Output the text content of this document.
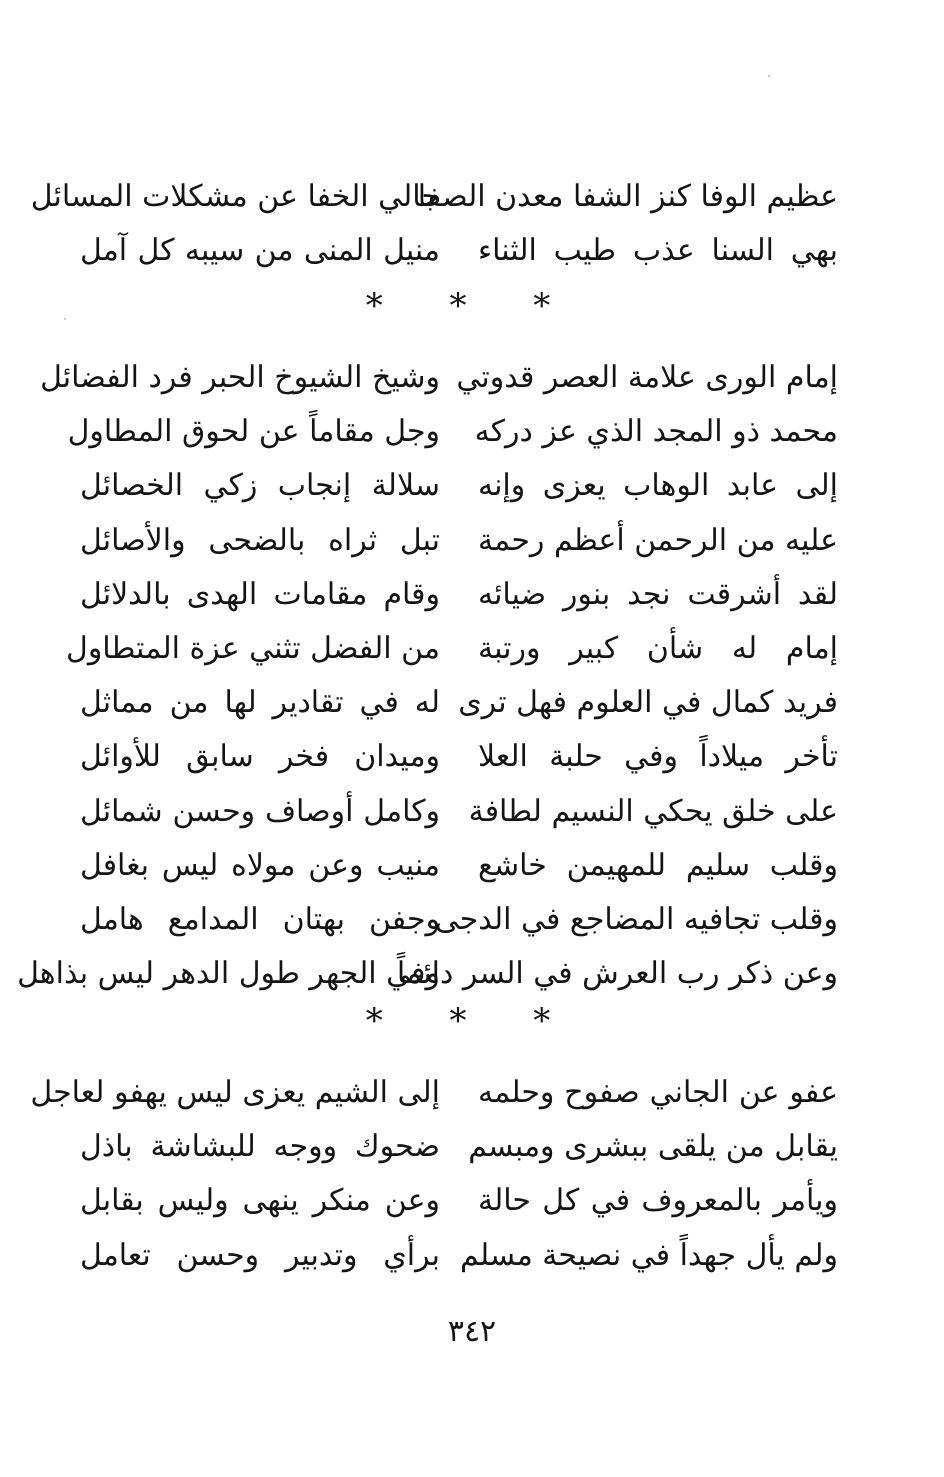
عظيم الوفا كنز الشفا معدن الصفا
جالي الخفا عن مشكلات المسائل
بهي السنا عذب طيب الثناء
منيل المنى من سيبه كل آمل
* * *
إمام الورى علامة العصر قدوتي
وشيخ الشيوخ الحبر فرد الفضائل
محمد ذو المجد الذي عز دركه
وجل مقاماً عن لحوق المطاول
إلى عابد الوهاب يعزى وإنه
سلالة إنجاب زكي الخصائل
عليه من الرحمن أعظم رحمة
تبل ثراه بالضحى والأصائل
لقد أشرقت نجد بنور ضيائه
وقام مقامات الهدى بالدلائل
إمام له شأن كبير ورتبة
من الفضل تثني عزة المتطاول
فريد كمال في العلوم فهل ترى
له في تقادير لها من مماثل
تأخر ميلاداً وفي حلبة العلا
وميدان فخر سابق للأوائل
على خلق يحكي النسيم لطافة
وكامل أوصاف وحسن شمائل
وقلب سليم للمهيمن خاشع
منيب وعن مولاه ليس بغافل
وقلب تجافيه المضاجع في الدجى
وجفن بهتان المدامع هامل
وعن ذكر رب العرش في السر دائماً
وفي الجهر طول الدهر ليس بذاهل
* * *
عفو عن الجاني صفوح وحلمه
إلى الشيم يعزى ليس يهفو لعاجل
يقابل من يلقى ببشرى ومبسم
ضحوك ووجه للبشاشة باذل
ويأمر بالمعروف في كل حالة
وعن منكر ينهى وليس بقابل
ولم يأل جهداً في نصيحة مسلم
برأي وتدبير وحسن تعامل
٣٤٢
